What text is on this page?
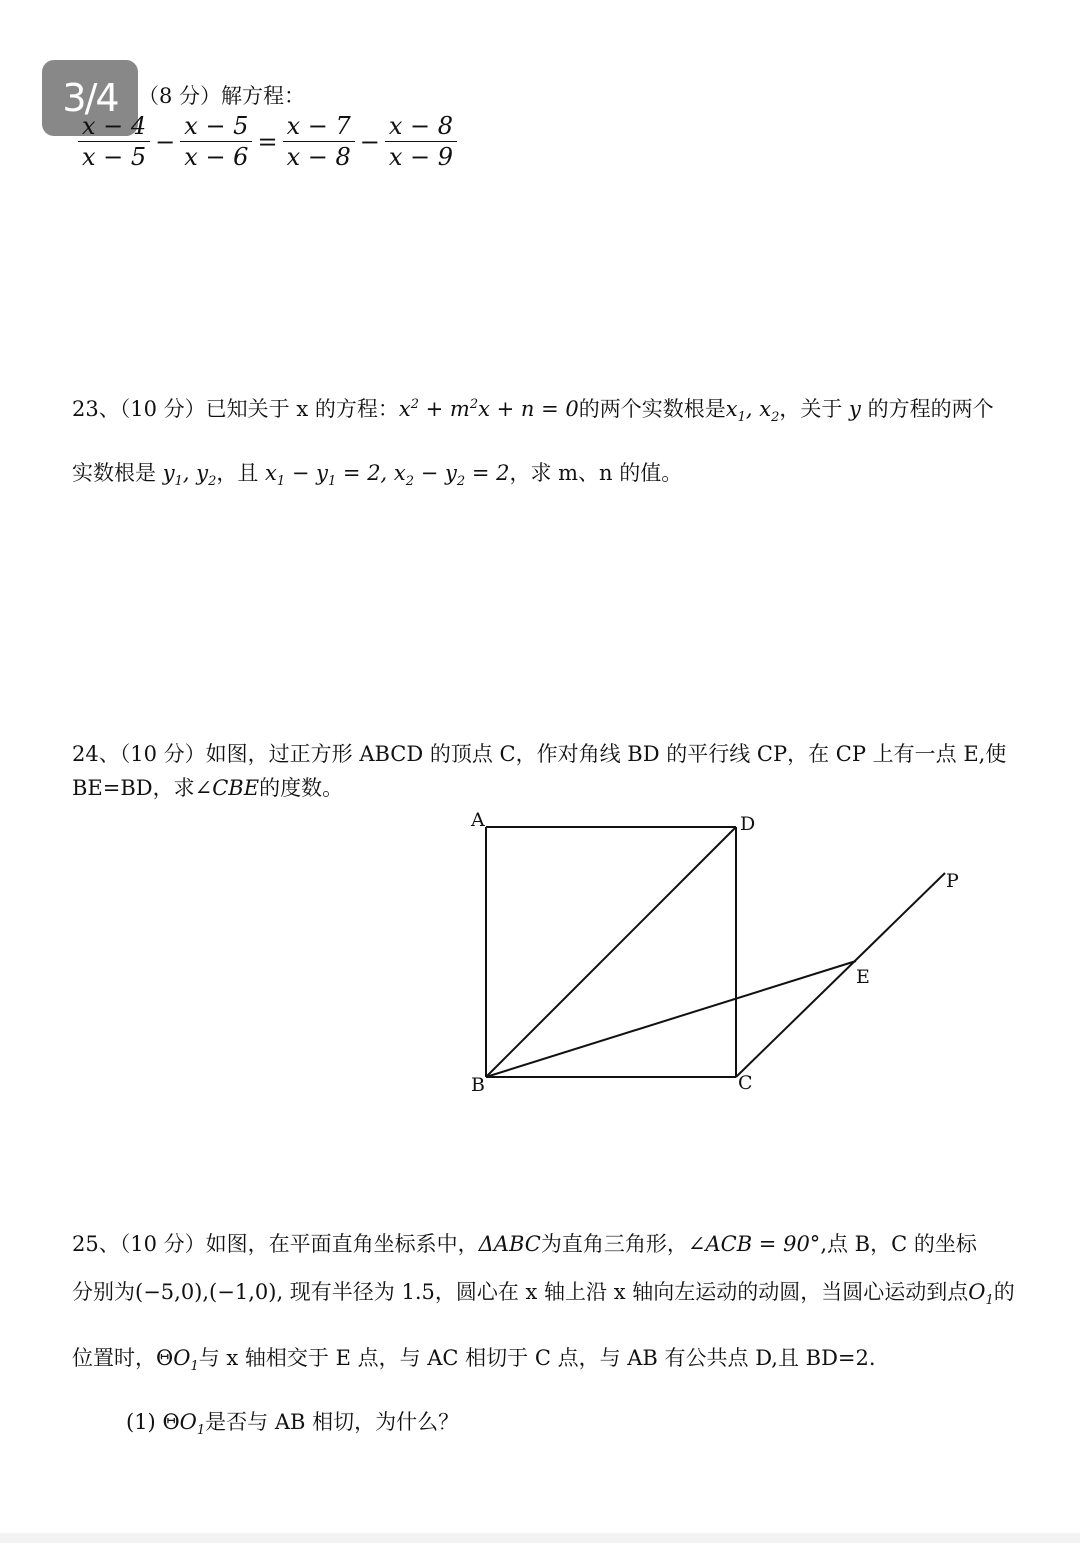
3/4 （8 分）解方程：
$\frac{x - 4}{x - 5} - \frac{x - 5}{x - 6} = \frac{x - 7}{x - 8} - \frac{x - 8}{x - 9}$
23、（10 分）已知关于 x 的方程：$x^2 + m^2x + n = 0$的两个实数根是$x_1$, $x_2$，关于 y 的方程的两个
实数根是 $y_1$, $y_2$，且 $x_1 - y_1 = 2$, $x_2 - y_2 = 2$，求 m、n 的值。
24、（10 分）如图，过正方形 ABCD 的顶点 C，作对角线 BD 的平行线 CP，在 CP 上有一点 E,使
BE=BD，求∠CBE的度数。
A	D
C
B
E
P
25、（10 分）如图，在平面直角坐标系中，ΔABC为直角三角形，∠ACB = 90°,点 B，C 的坐标
分别为(−5,0),(−1,0), 现有半径为 1.5，圆心在 x 轴上沿 x 轴向左运动的动圆，当圆心运动到点$O_1$的
位置时，$\Theta O_1$与 x 轴相交于 E 点，与 AC 相切于 C 点，与 AB 有公共点 D,且 BD=2.
(1) $\Theta O_1$是否与 AB 相切，为什么？
